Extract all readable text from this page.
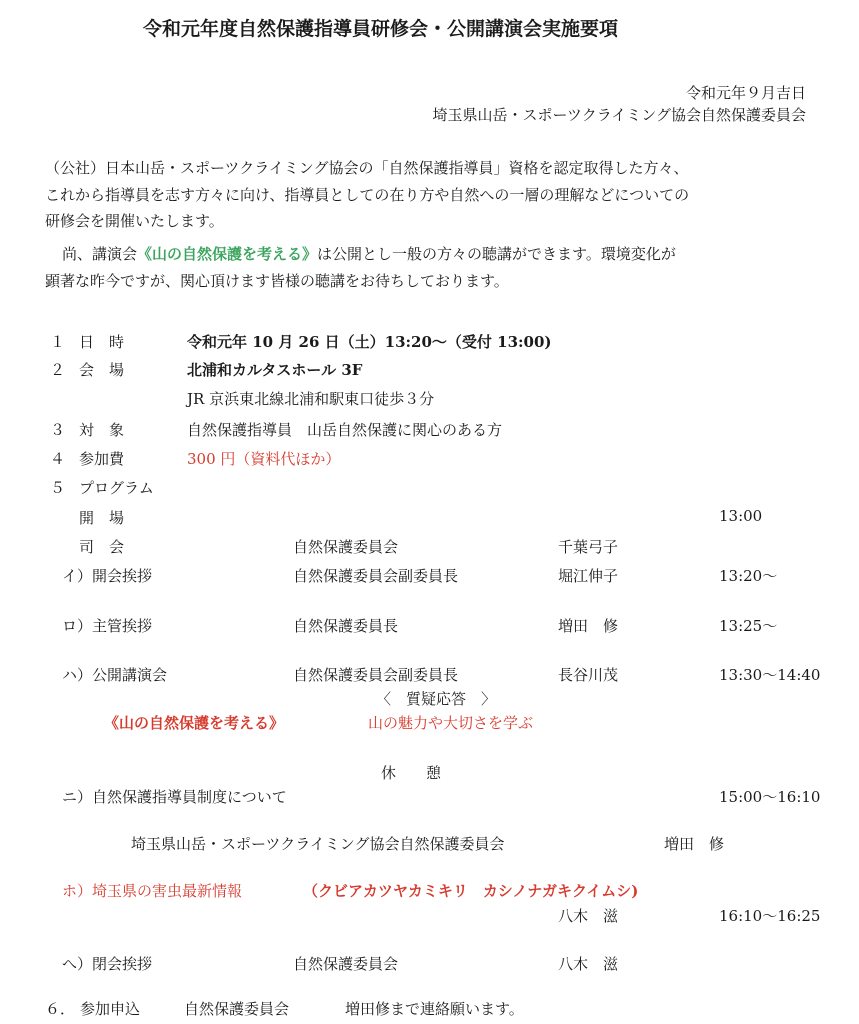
令和元年度自然保護指導員研修会・公開講演会実施要項
令和元年９月吉日
埼玉県山岳・スポーツクライミング協会自然保護委員会
（公社）日本山岳・スポーツクライミング協会の「自然保護指導員」資格を認定取得した方々、
これから指導員を志す方々に向け、指導員としての在り方や自然への一層の理解などについての
研修会を開催いたします。
尚、講演会《山の自然保護を考える》は公開とし一般の方々の聴講ができます。環境変化が
顕著な昨今ですが、関心頂けます皆様の聴講をお待ちしております。
１ 日　時	令和元年 10 月 26 日（土）13:20～（受付 13:00)
２ 会　場	北浦和カルタスホール 3F
JR 京浜東北線北浦和駅東口徒歩３分
３ 対　象	自然保護指導員　山岳自然保護に関心のある方
４ 参加費	300 円（資料代ほか）
５ プログラム
開　場	13:00
司　会	自然保護委員会	千葉弓子
イ）開会挨拶	自然保護委員会副委員長	堀江伸子	13:20～
ロ）主管挨拶	自然保護委員長	増田　修	13:25～
ハ）公開講演会	自然保護委員会副委員長	長谷川茂	13:30～14:40
〈　質疑応答　〉
《山の自然保護を考える》	山の魅力や大切さを学ぶ
休　　憩
ニ）自然保護指導員制度について	15:00～16:10
埼玉県山岳・スポーツクライミング協会自然保護委員会	増田　修
ホ）埼玉県の害虫最新情報	（クビアカツヤカミキリ　カシノナガキクイムシ)
八木　滋	16:10～16:25
へ）閉会挨拶	自然保護委員会	八木　滋
６． 参加申込	自然保護委員会	増田修まで連絡願います。
